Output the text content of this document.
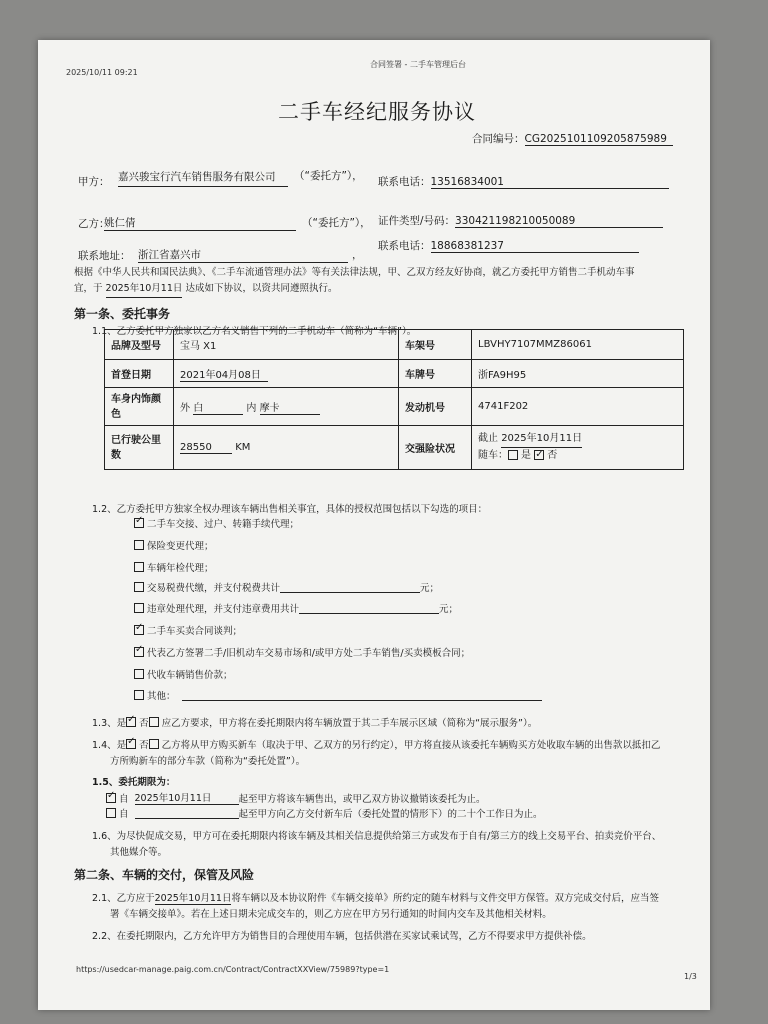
2025/10/11 09:21
合同签署 - 二手车管理后台
二手车经纪服务协议
合同编号：CG2025101109205875989
甲方： 嘉兴骏宝行汽车销售服务有限公司	（“委托方”）， 联系电话：13516834001
乙方：
姚仁倩	（“委托方”）， 证件类型/号码：330421198210050089
联系地址： 浙江省嘉兴市	，
联系电话：18868381237
根据《中华人民共和国民法典》、《二手车流通管理办法》等有关法律法规，甲、乙双方经友好协商，就乙方委托甲方销售二手机动车事
宜，于 2025年10月11日 达成如下协议，以资共同遵照执行。
第一条、委托事务
1.1、乙方委托甲方独家以乙方名义销售下列的二手机动车（简称为“车辆”）。
品牌及型号	宝马 X1	车架号	LBVHY7107MMZ86061
首登日期	2021年04月08日	车牌号	浙FA9H95
车身内饰颜色	外 白 内 摩卡	发动机号	4741F202
已行驶公里数	28550 KM	交强险状况	截止 2025年10月11日
随车： 是 ✓ 否
1.2、乙方委托甲方独家全权办理该车辆出售相关事宜，具体的授权范围包括以下勾选的项目：
✓
二手车交接、过户、转籍手续代理；
保险变更代理；
车辆年检代理；
交易税费代缴，并支付税费共计	元；
违章处理代理，并支付违章费用共计	元；
✓
二手车买卖合同谈判；
✓
代表乙方签署二手/旧机动车交易市场和/或甲方处二手车销售/买卖模板合同；
代收车辆销售价款；
其他：
1.3、是 ✓ 否 应乙方要求，甲方将在委托期限内将车辆放置于其二手车展示区域（简称为“展示服务”）。
1.4、是 ✓ 否 乙方将从甲方购买新车（取决于甲、乙双方的另行约定），甲方将直接从该委托车辆购买方处收取车辆的出售款以抵扣乙
方所购新车的部分车款（简称为“委托处置”）。
1.5、委托期限为：
✓
自 2025年10月11日	起至甲方将该车辆售出，或甲乙双方协议撤销该委托为止。
自	起至甲方向乙方交付新车后（委托处置的情形下）的二十个工作日为止。
1.6、为尽快促成交易，甲方可在委托期限内将该车辆及其相关信息提供给第三方或发布于自有/第三方的线上交易平台、拍卖竞价平台、
其他媒介等。
第二条、车辆的交付，保管及风险
2.1、乙方应于2025年10月11日将车辆以及本协议附件《车辆交接单》所约定的随车材料与文件交甲方保管。双方完成交付后，应当签
署《车辆交接单》。若在上述日期未完成交车的，则乙方应在甲方另行通知的时间内交车及其他相关材料。
2.2、在委托期限内，乙方允许甲方为销售目的合理使用车辆，包括供潜在买家试乘试驾，乙方不得要求甲方提供补偿。
https://usedcar-manage.paig.com.cn/Contract/ContractXXView/75989?type=1
1/3
